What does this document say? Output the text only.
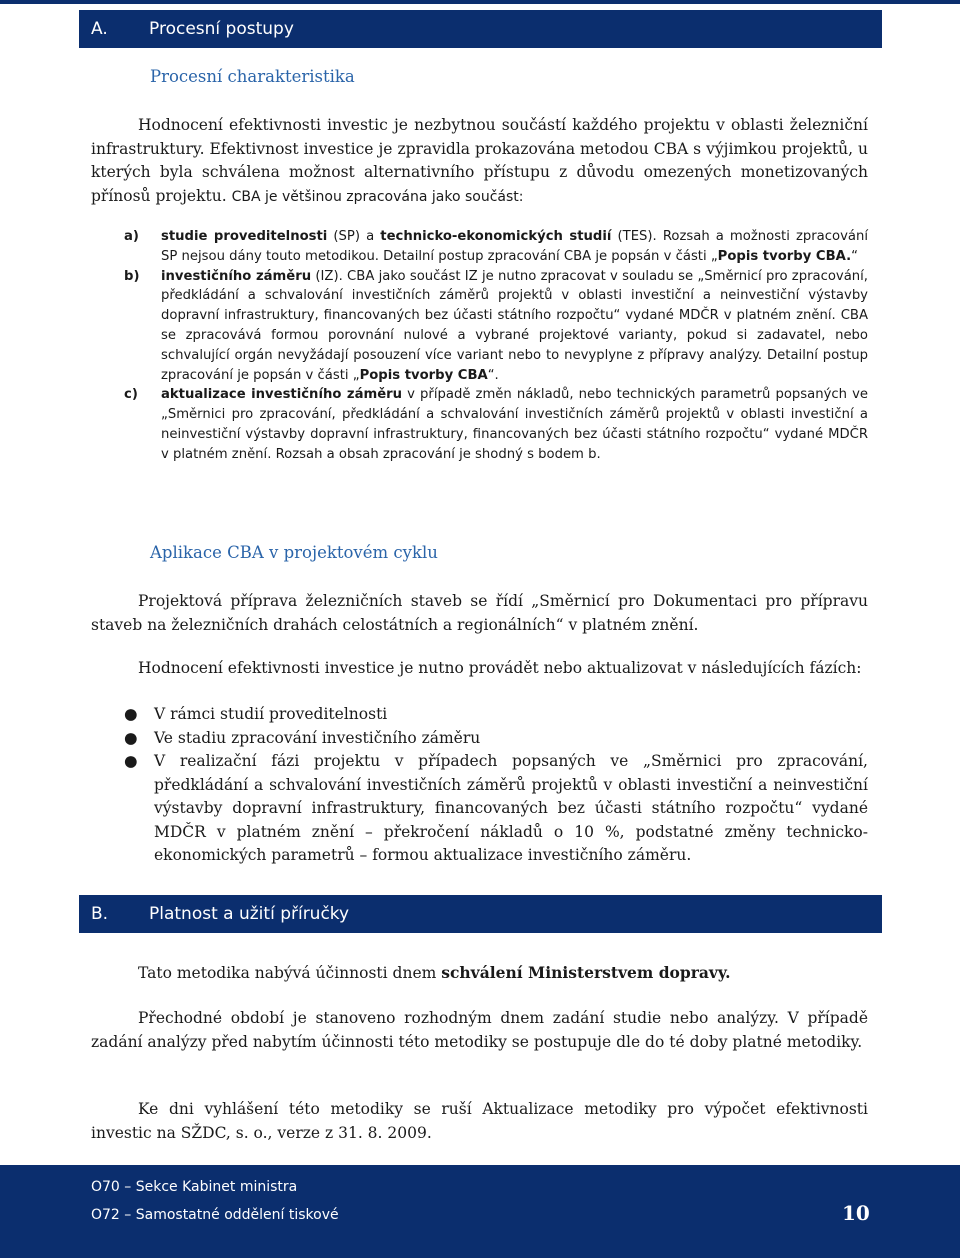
A. Procesní postupy
Procesní charakteristika

Hodnocení efektivnosti investic je nezbytnou součástí každého projektu v oblasti železniční infrastruktury. Efektivnost investice je zpravidla prokazována metodou CBA s výjimkou projektů, u kterých byla schválena možnost alternativního přístupu z důvodu omezených monetizovaných přínosů projektu. CBA je většinou zpracována jako součást:

a) studie proveditelnosti (SP) a technicko-ekonomických studií (TES). Rozsah a možnosti zpracování SP nejsou dány touto metodikou. Detailní postup zpracování CBA je popsán v části „Popis tvorby CBA.“
b) investičního záměru (IZ). CBA jako součást IZ je nutno zpracovat v souladu se „Směrnicí pro zpracování, předkládání a schvalování investičních záměrů projektů v oblasti investiční a neinvestiční výstavby dopravní infrastruktury, financovaných bez účasti státního rozpočtu“ vydané MDČR v platném znění. CBA se zpracovává formou porovnání nulové a vybrané projektové varianty, pokud si zadavatel, nebo schvalující orgán nevyžádají posouzení více variant nebo to nevyplyne z přípravy analýzy. Detailní postup zpracování je popsán v části „Popis tvorby CBA“.
c) aktualizace investičního záměru v případě změn nákladů, nebo technických parametrů popsaných ve „Směrnici pro zpracování, předkládání a schvalování investičních záměrů projektů v oblasti investiční a neinvestiční výstavby dopravní infrastruktury, financovaných bez účasti státního rozpočtu“ vydané MDČR v platném znění. Rozsah a obsah zpracování je shodný s bodem b.
Aplikace CBA v projektovém cyklu

Projektová příprava železničních staveb se řídí „Směrnicí pro Dokumentaci pro přípravu staveb na železničních drahách celostátních a regionálních“ v platném znění.

Hodnocení efektivnosti investice je nutno provádět nebo aktualizovat v následujících fázích:

● V rámci studií proveditelnosti
● Ve stadiu zpracování investičního záměru
● V realizační fázi projektu v případech popsaných ve „Směrnici pro zpracování, předkládání a schvalování investičních záměrů projektů v oblasti investiční a neinvestiční výstavby dopravní infrastruktury, financovaných bez účasti státního rozpočtu“ vydané MDČR v platném znění – překročení nákladů o 10 %, podstatné změny technicko-ekonomických parametrů – formou aktualizace investičního záměru.
B. Platnost a užití příručky

Tato metodika nabývá účinnosti dnem schválení Ministerstvem dopravy.

Přechodné období je stanoveno rozhodným dnem zadání studie nebo analýzy. V případě zadání analýzy před nabytím účinnosti této metodiky se postupuje dle do té doby platné metodiky.

Ke dni vyhlášení této metodiky se ruší Aktualizace metodiky pro výpočet efektivnosti investic na SŽDC, s. o., verze z 31. 8. 2009.

O70 – Sekce Kabinet ministra
O72 – Samostatné oddělení tiskové	10
